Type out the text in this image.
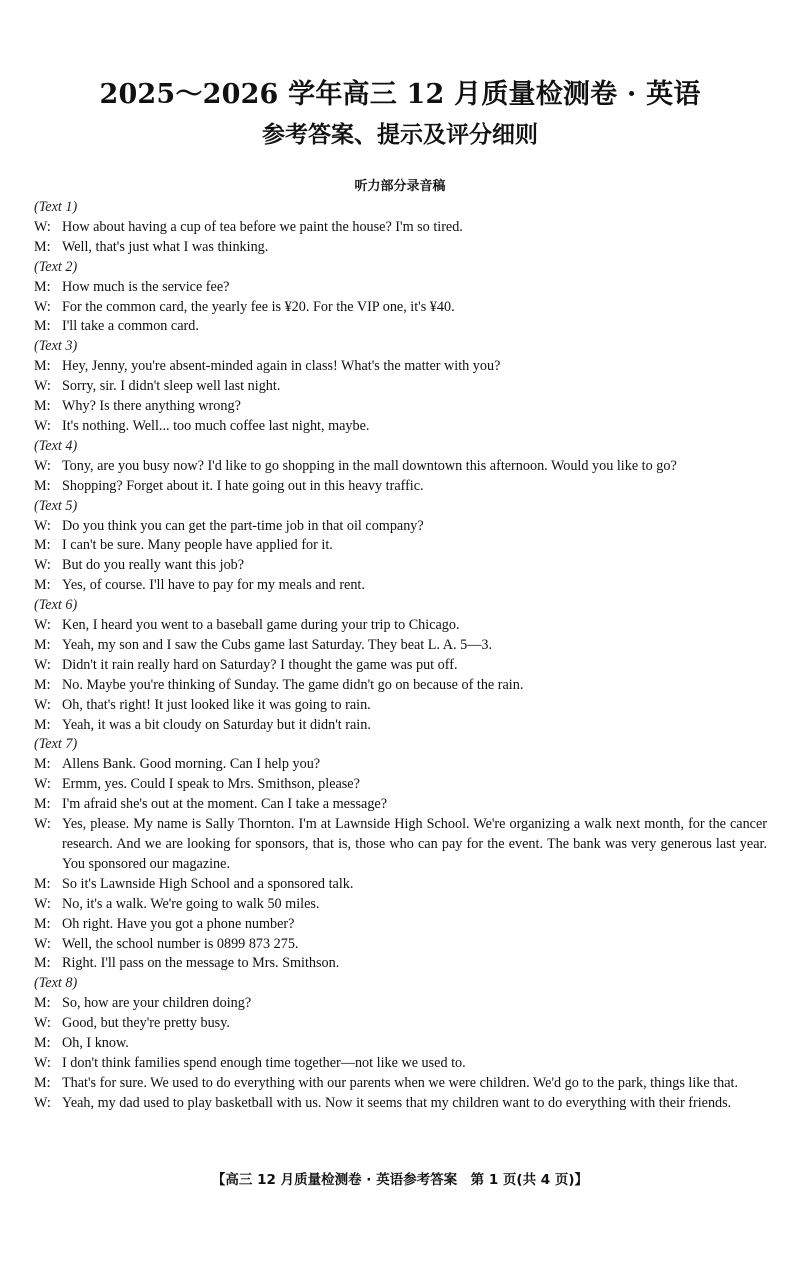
2025～2026 学年高三 12 月质量检测卷 · 英语
参考答案、提示及评分细则
听力部分录音稿
(Text 1)
W: How about having a cup of tea before we paint the house? I'm so tired.
M: Well, that's just what I was thinking.
(Text 2)
M: How much is the service fee?
W: For the common card, the yearly fee is ¥20. For the VIP one, it's ¥40.
M: I'll take a common card.
(Text 3)
M: Hey, Jenny, you're absent-minded again in class! What's the matter with you?
W: Sorry, sir. I didn't sleep well last night.
M: Why? Is there anything wrong?
W: It's nothing. Well... too much coffee last night, maybe.
(Text 4)
W: Tony, are you busy now? I'd like to go shopping in the mall downtown this afternoon. Would you like to go?
M: Shopping? Forget about it. I hate going out in this heavy traffic.
(Text 5)
W: Do you think you can get the part-time job in that oil company?
M: I can't be sure. Many people have applied for it.
W: But do you really want this job?
M: Yes, of course. I'll have to pay for my meals and rent.
(Text 6)
W: Ken, I heard you went to a baseball game during your trip to Chicago.
M: Yeah, my son and I saw the Cubs game last Saturday. They beat L. A. 5—3.
W: Didn't it rain really hard on Saturday? I thought the game was put off.
M: No. Maybe you're thinking of Sunday. The game didn't go on because of the rain.
W: Oh, that's right! It just looked like it was going to rain.
M: Yeah, it was a bit cloudy on Saturday but it didn't rain.
(Text 7)
M: Allens Bank. Good morning. Can I help you?
W: Ermm, yes. Could I speak to Mrs. Smithson, please?
M: I'm afraid she's out at the moment. Can I take a message?
W: Yes, please. My name is Sally Thornton. I'm at Lawnside High School. We're organizing a walk next month, for the cancer research. And we are looking for sponsors, that is, those who can pay for the event. The bank was very generous last year. You sponsored our magazine.
M: So it's Lawnside High School and a sponsored talk.
W: No, it's a walk. We're going to walk 50 miles.
M: Oh right. Have you got a phone number?
W: Well, the school number is 0899 873 275.
M: Right. I'll pass on the message to Mrs. Smithson.
(Text 8)
M: So, how are your children doing?
W: Good, but they're pretty busy.
M: Oh, I know.
W: I don't think families spend enough time together—not like we used to.
M: That's for sure. We used to do everything with our parents when we were children. We'd go to the park, things like that.
W: Yeah, my dad used to play basketball with us. Now it seems that my children want to do everything with their friends.
【高三 12 月质量检测卷 · 英语参考答案　第 1 页(共 4 页)】
